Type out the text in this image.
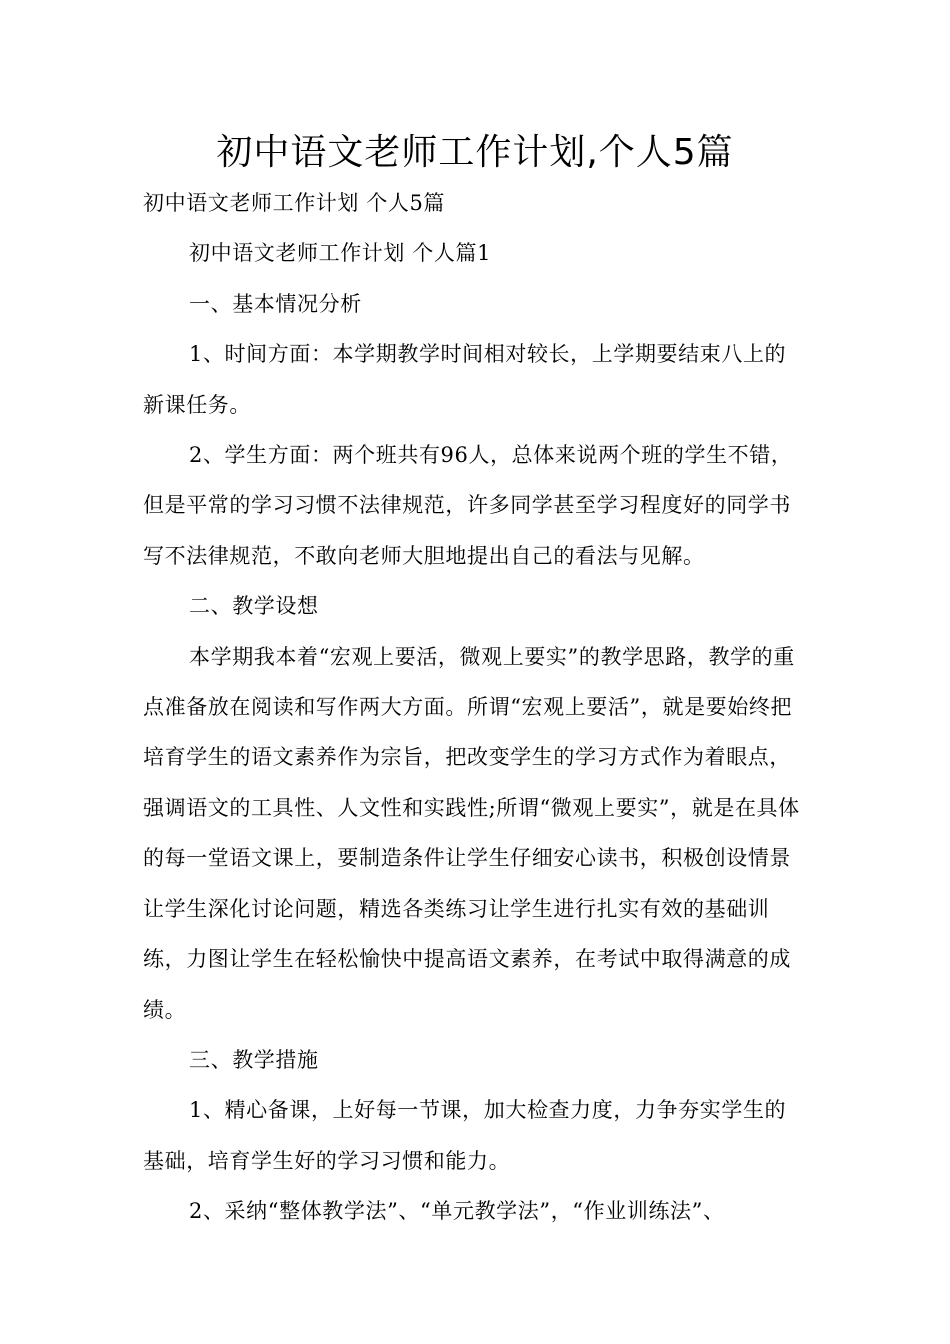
初中语文老师工作计划,个人5篇

初中语文老师工作计划 个人5篇

初中语文老师工作计划 个人篇1

一、基本情况分析

1、时间方面：本学期教学时间相对较长，上学期要结束八上的新课任务。

2、学生方面：两个班共有96人，总体来说两个班的学生不错，但是平常的学习习惯不法律规范，许多同学甚至学习程度好的同学书写不法律规范，不敢向老师大胆地提出自己的看法与见解。

二、教学设想

本学期我本着“宏观上要活，微观上要实”的教学思路，教学的重点准备放在阅读和写作两大方面。所谓“宏观上要活”，就是要始终把培育学生的语文素养作为宗旨，把改变学生的学习方式作为着眼点，强调语文的工具性、人文性和实践性;所谓“微观上要实”，就是在具体的每一堂语文课上，要制造条件让学生仔细安心读书，积极创设情景让学生深化讨论问题，精选各类练习让学生进行扎实有效的基础训练，力图让学生在轻松愉快中提高语文素养，在考试中取得满意的成绩。

三、教学措施

1、精心备课，上好每一节课，加大检查力度，力争夯实学生的基础，培育学生好的学习习惯和能力。

2、采纳“整体教学法”、“单元教学法”，“作业训练法”、
